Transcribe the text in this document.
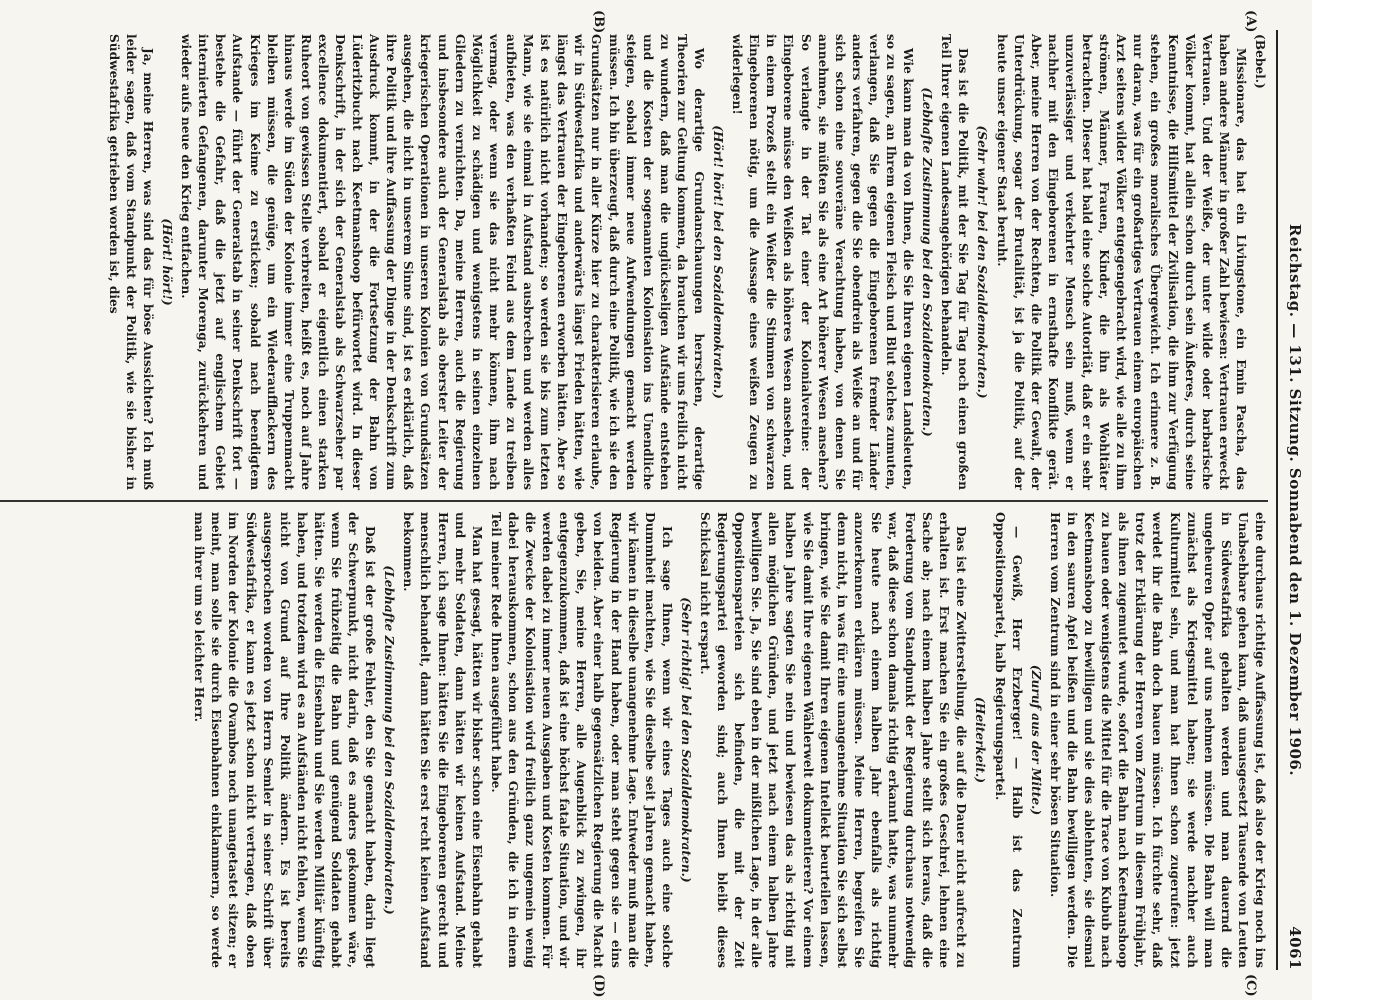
Reichstag. — 131. Sitzung. Sonnabend den 1. Dezember 1906.
4061
(A)
(B)
(C)
(D)

(Bebel.)

Missionare, das hat ein Livingstone, ein Emin Pascha, das haben andere Männer in großer Zahl bewiesen: Vertrauen erweckt Vertrauen. Und der Weiße, der unter wilde oder barbarische Völker kommt, hat allein schon durch sein Äußeres, durch seine Kenntnisse, die Hilfsmittel der Zivilisation, die ihm zur Verfügung stehen, ein großes moralisches Übergewicht. Ich erinnere z. B. nur daran, was für ein großartiges Vertrauen einem europäischen Arzt seitens wilder Völker entgegengebracht wird, wie alle zu ihm strömen, Männer, Frauen, Kinder, die ihn als Wohltäter betrachten. Dieser hat bald eine solche Autorität, daß er ein sehr unzuverlässiger und verkehrter Mensch sein muß, wenn er nachher mit den Eingeborenen in ernsthafte Konflikte gerät. Aber, meine Herren von der Rechten, die Politik der Gewalt, der Unterdrückung, sogar der Brutalität, ist ja die Politik, auf der heute unser eigener Staat beruht.

(Sehr wahr! bei den Sozialdemokraten.)

Das ist die Politik, mit der Sie Tag für Tag noch einen großen Teil Ihrer eigenen Landesangehörigen behandeln.

(Lebhafte Zustimmung bei den Sozialdemokraten.)

Wie kann man da von Ihnen, die Sie Ihren eigenen Landsleuten, so zu sagen, an Ihrem eigenen Fleisch und Blut solches zumuten, verlangen, daß Sie gegen die Eingeborenen fremder Länder anders verfahren, gegen die Sie obendrein als Weiße an und für sich schon eine souveräne Verachtung haben, von denen Sie annehmen, sie müßten Sie als eine Art höherer Wesen ansehen? So verlangte in der Tat einer der Kolonialvereine: der Eingeborene müsse den Weißen als höheres Wesen ansehen, und in einem Prozeß stellt ein Weißer die Stimmen von schwarzen Eingeborenen nötig, um die Aussage eines weißen Zeugen zu widerlegen!

(Hört! hört! bei den Sozialdemokraten.)

Wo derartige Grundanschauungen herrschen, derartige Theorien zur Geltung kommen, da brauchen wir uns freilich nicht zu wundern, daß man die unglückseligen Aufstände entstehen und die Kosten der sogenannten Kolonisation ins Unendliche steigen, sobald immer neue Aufwendungen gemacht werden müssen. Ich bin überzeugt, daß durch eine Politik, wie ich sie den Grundsätzen nur in aller Kürze hier zu charakterisieren erlaube, wir in Südwestafrika und anderwärts längst Frieden hätten, wie längst das Vertrauen der Eingeborenen erworben hätten. Aber so ist es natürlich nicht vorhanden; so werden sie bis zum letzten Mann, wie sie einmal in Aufstand ausbrechen und werden alles aufbieten, was den verhaßten Feind aus dem Lande zu treiben vermag, oder wenn sie das nicht mehr können, ihm nach Möglichkeit zu schädigen und wenigstens in seinen einzelnen Gliedern zu vernichten. Da, meine Herren, auch die Regierung und insbesondere auch der Generalstab als oberster Leiter der kriegerischen Operationen in unseren Kolonien von Grundsätzen ausgehen, die nicht in unserem Sinne sind, ist es erklärlich, daß ihre Politik und ihre Auffassung der Dinge in der Denkschrift zum Ausdruck kommt, in der die Fortsetzung der Bahn von Lüderitzbucht nach Keetmanshoop befürwortet wird. In dieser Denkschrift, in der sich der Generalstab als Schwarzseher par excellence dokumentiert, sobald er eigentlich einen starken Ruheort von gewissen Stelle verbreiten, heißt es, noch auf Jahre hinaus werde im Süden der Kolonie immer eine Truppenmacht bleiben müssen, die genüge, um ein Wiederaufflackern des Krieges im Keime zu ersticken; sobald nach beendigtem Aufstande — führt der Generalstab in seiner Denkschrift fort — bestehe die Gefahr, daß die jetzt auf englischem Gebiet internierten Gefangenen, darunter Morenga, zurückkehren und wieder aufs neue den Krieg entfachen.

(Hört! hört!)

Ja, meine Herren, was sind das für böse Aussichten? Ich muß leider sagen, daß vom Standpunkt der Politik, wie sie bisher in Südwestafrika getrieben worden ist, dies

eine durchaus richtige Auffassung ist, daß also der Krieg noch ins Unabsehbare gehen kann, daß unausgesetzt Tausende von Leuten in Südwestafrika gehalten werden und man dauernd die ungeheuren Opfer auf uns nehmen müssen. Die Bahn will man zunächst als Kriegsmittel haben; sie werde nachher auch Kulturmittel sein, und man hat Ihnen schon zugerufen: jetzt werdet ihr die Bahn doch bauen müssen. Ich fürchte sehr, daß trotz der Erklärung der Herren vom Zentrum in diesem Frühjahr, als ihnen zugemutet wurde, sofort die Bahn nach Keetmanshoop zu bauen oder wenigstens die Mittel für die Trace von Kubub nach Keetmanshoop zu bewilligen und sie dies ablehnten, sie diesmal in den sauren Apfel beißen und die Bahn bewilligen werden. Die Herren vom Zentrum sind in einer sehr bösen Situation.

(Zuruf aus der Mitte.)

— Gewiß, Herr Erzberger! — Halb ist das Zentrum Oppositionspartei, halb Regierungspartei.

(Heiterkeit.)

Das ist eine Zwitterstellung, die auf die Dauer nicht aufrecht zu erhalten ist. Erst machen Sie ein großes Geschrei, lehnen eine Sache ab; nach einem halben Jahre stellt sich heraus, daß die Forderung vom Standpunkt der Regierung durchaus notwendig war, daß diese schon damals richtig erkannt hatte, was nunmehr Sie heute nach einem halben Jahr ebenfalls als richtig anzuerkennen erklären müssen. Meine Herren, begreifen Sie denn nicht, in was für eine unangenehme Situation Sie sich selbst bringen, wie Sie damit Ihren eigenen Intellekt beurteilen lassen, wie Sie damit Ihre eigenen Wählerwelt dokumentieren? Vor einem halben Jahre sagten Sie nein und bewiesen das als richtig mit allen möglichen Gründen, und jetzt nach einem halben Jahre bewilligen Sie. Ja, Sie sind eben in der mißlichen Lage, in der alle Oppositionsparteien sich befinden, die mit der Zeit Regierungspartei geworden sind; auch Ihnen bleibt dieses Schicksal nicht erspart.

(Sehr richtig! bei den Sozialdemokraten.)

Ich sage Ihnen, wenn wir eines Tages auch eine solche Dummheit machten, wie Sie dieselbe seit Jahren gemacht haben, wir kämen in dieselbe unangenehme Lage. Entweder muß man die Regierung in der Hand haben, oder man steht gegen sie — eins von beiden. Aber einer halb gegensätzlichen Regierung die Macht geben, Sie, meine Herren, alle Augenblick zu zwingen, ihr entgegenzukommen, daß ist eine höchst fatale Situation, und wir werden dabei zu immer neuen Ausgaben und Kosten kommen. Für die Zwecke der Kolonisation wird freilich ganz ungemein wenig dabei herauskommen, schon aus den Gründen, die ich in einem Teil meiner Rede Ihnen ausgeführt habe.

Man hat gesagt, hätten wir bisher schon eine Eisenbahn gehabt und mehr Soldaten, dann hätten wir keinen Aufstand. Meine Herren, ich sage Ihnen: hätten Sie die Eingeborenen gerecht und menschlich behandelt, dann hätten Sie erst recht keinen Aufstand bekommen.

(Lebhafte Zustimmung bei den Sozialdemokraten.)

Daß ist der große Fehler, den Sie gemacht haben, darin liegt der Schwerpunkt, nicht darin, daß es anders gekommen wäre, wenn Sie frühzeitig die Bahn und genügend Soldaten gehabt hätten. Sie werden die Eisenbahn und Sie werden Militär künftig haben, und trotzdem wird es an Aufständen nicht fehlen, wenn Sie nicht von Grund auf Ihre Politik ändern. Es ist bereits ausgesprochen worden von Herrn Semler in seiner Schrift über Südwestafrika, er kann es jetzt schon nicht vertragen, daß oben im Norden der Kolonie die Ovambos noch unangetastet sitzen; er meint, man solle sie durch Eisenbahnen einklammern, so werde man ihrer um so leichter Herr.
